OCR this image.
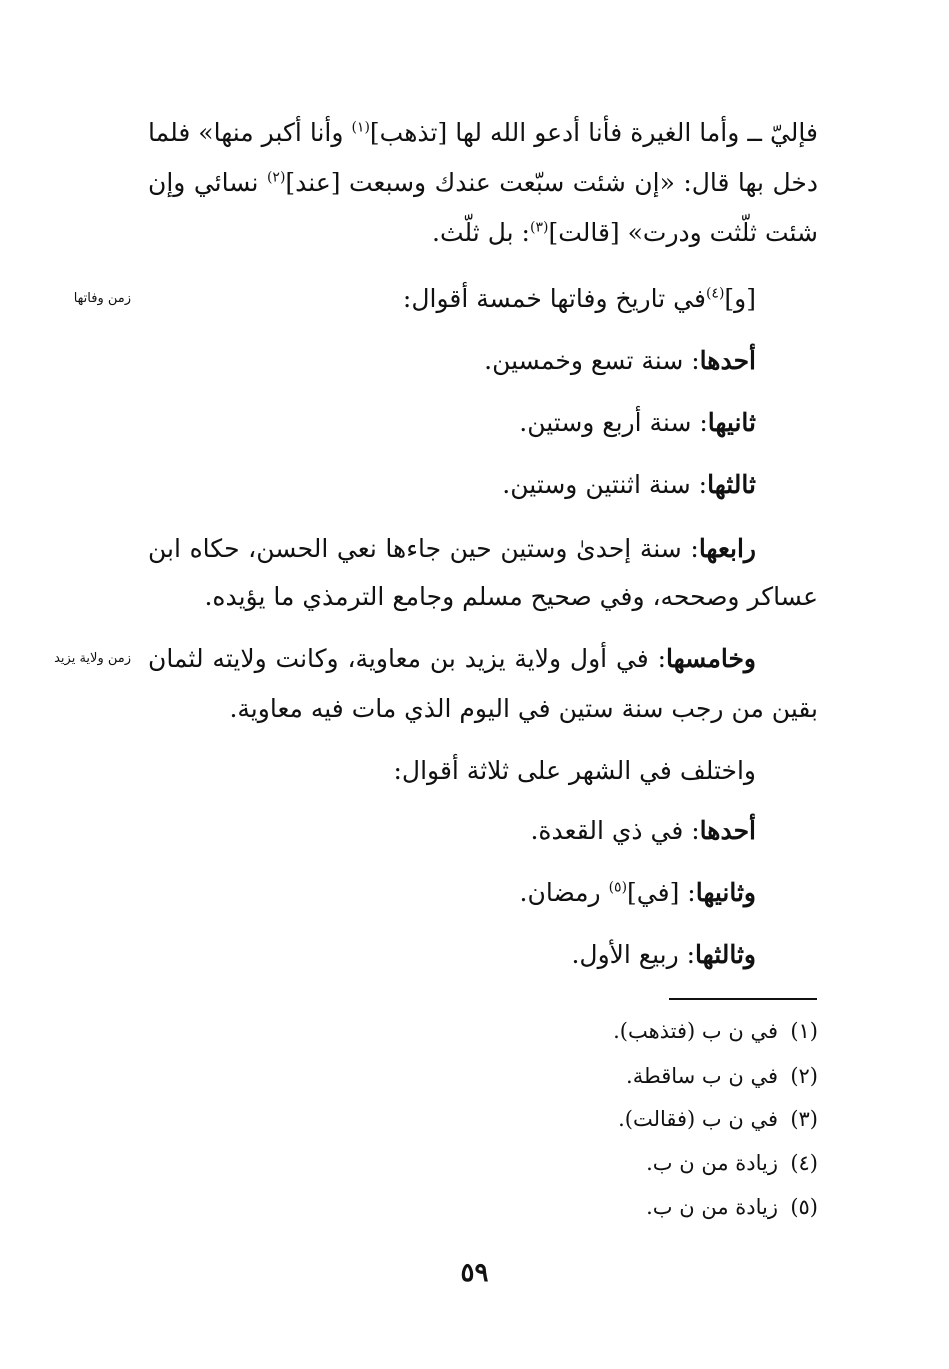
فإليّ ــ وأما الغيرة فأنا أدعو الله لها [تذهب]$^{(١)}$ وأنا أكبر منها» فلما
دخل بها قال: «إن شئت سبّعت عندك وسبعت [عند]$^{(٢)}$ نسائي وإن
شئت ثلّثت ودرت» [قالت]$^{(٣)}$: بل ثلّث.
[و]$^{(٤)}$في تاريخ وفاتها خمسة أقوال:
زمن وفاتها
أحدها: سنة تسع وخمسين.
ثانيها: سنة أربع وستين.
ثالثها: سنة اثنتين وستين.
رابعها: سنة إحدىٰ وستين حين جاءها نعي الحسن، حكاه ابن
عساكر وصححه، وفي صحيح مسلم وجامع الترمذي ما يؤيده.
وخامسها: في أول ولاية يزيد بن معاوية، وكانت ولايته لثمان
زمن ولاية يزيد
بقين من رجب سنة ستين في اليوم الذي مات فيه معاوية.
واختلف في الشهر على ثلاثة أقوال:
أحدها: في ذي القعدة.
وثانيها: [في]$^{(٥)}$ رمضان.
وثالثها: ربيع الأول.
(١)في ن ب (فتذهب).
(٢)في ن ب ساقطة.
(٣)في ن ب (فقالت).
(٤)زيادة من ن ب.
(٥)زيادة من ن ب.
٥٩
